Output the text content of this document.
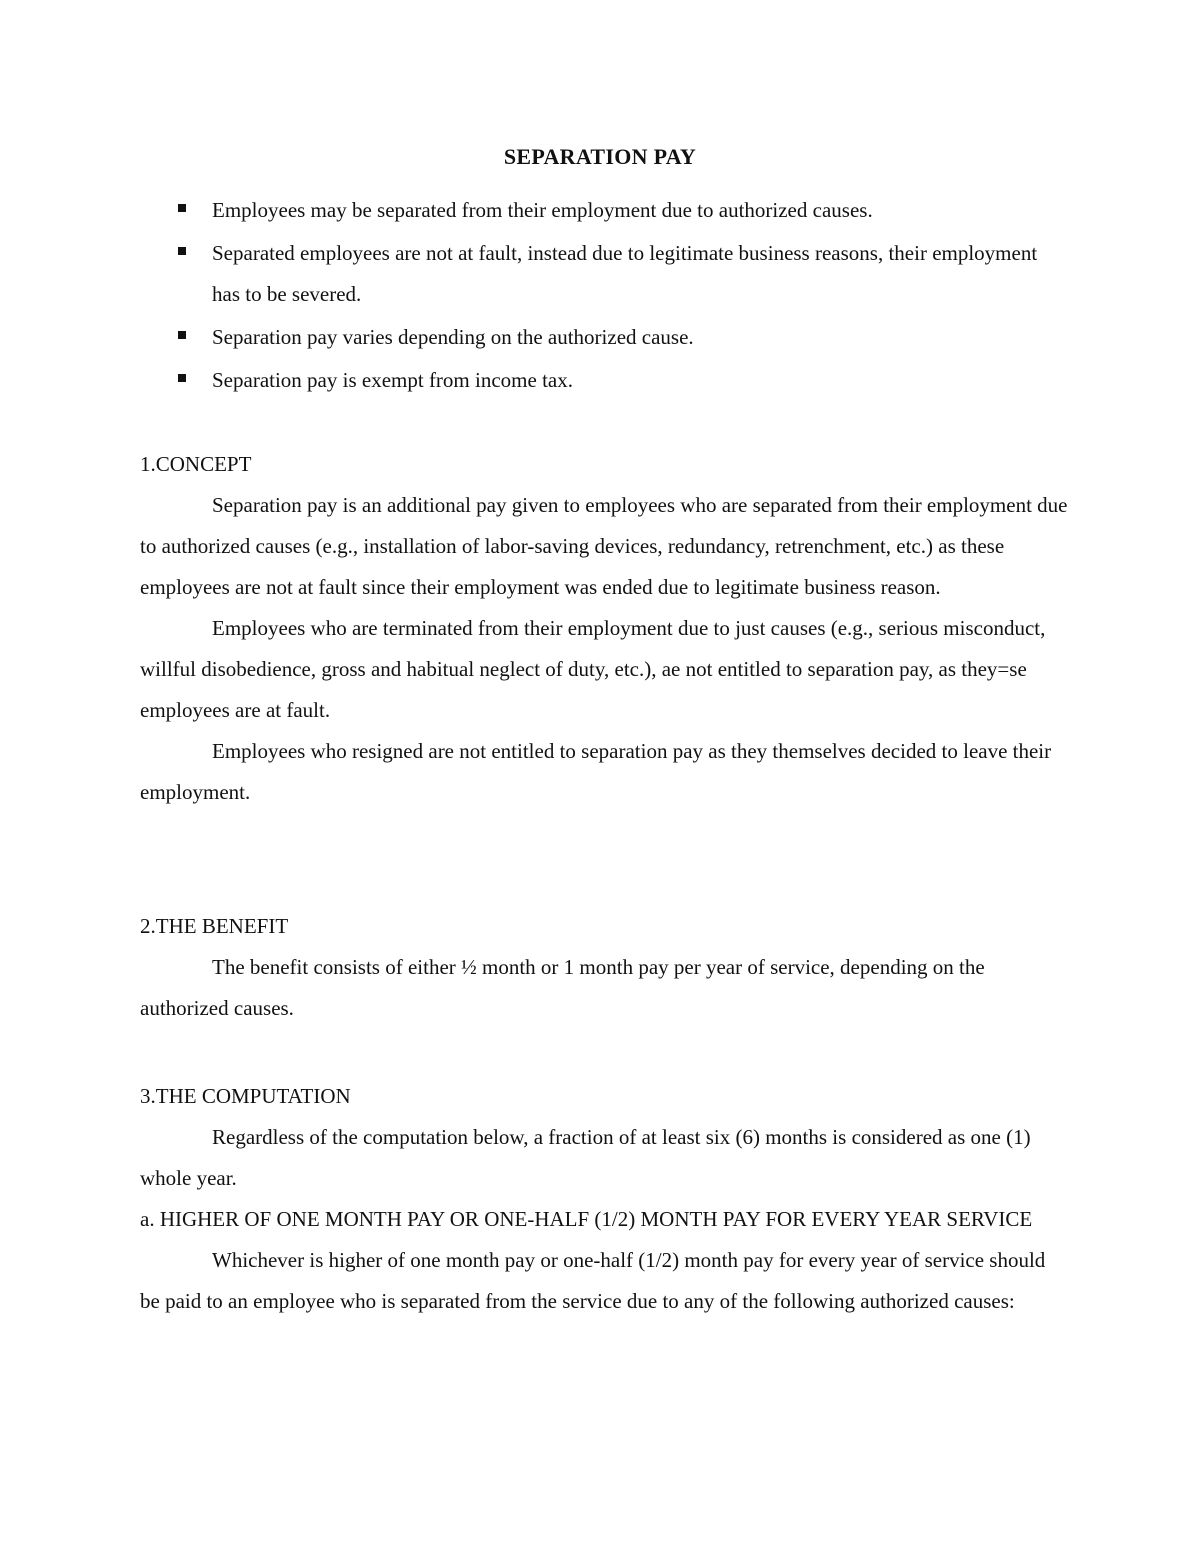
SEPARATION PAY
Employees may be separated from their employment due to authorized causes.
Separated employees are not at fault, instead due to legitimate business reasons, their employment has to be severed.
Separation pay varies depending on the authorized cause.
Separation pay is exempt from income tax.

1.CONCEPT

Separation pay is an additional pay given to employees who are separated from their employment due to authorized causes (e.g., installation of labor-saving devices, redundancy, retrenchment, etc.) as these employees are not at fault since their employment was ended due to legitimate business reason.

Employees who are terminated from their employment due to just causes (e.g., serious misconduct, willful disobedience, gross and habitual neglect of duty, etc.), ae not entitled to separation pay, as they=se employees are at fault.

Employees who resigned are not entitled to separation pay as they themselves decided to leave their employment.

2.THE BENEFIT

The benefit consists of either ½ month or 1 month pay per year of service, depending on the authorized causes.

3.THE COMPUTATION

Regardless of the computation below, a fraction of at least six (6) months is considered as one (1) whole year.

a. HIGHER OF ONE MONTH PAY OR ONE-HALF (1/2) MONTH PAY FOR EVERY YEAR SERVICE

Whichever is higher of one month pay or one-half (1/2) month pay for every year of service should be paid to an employee who is separated from the service due to any of the following authorized causes:
